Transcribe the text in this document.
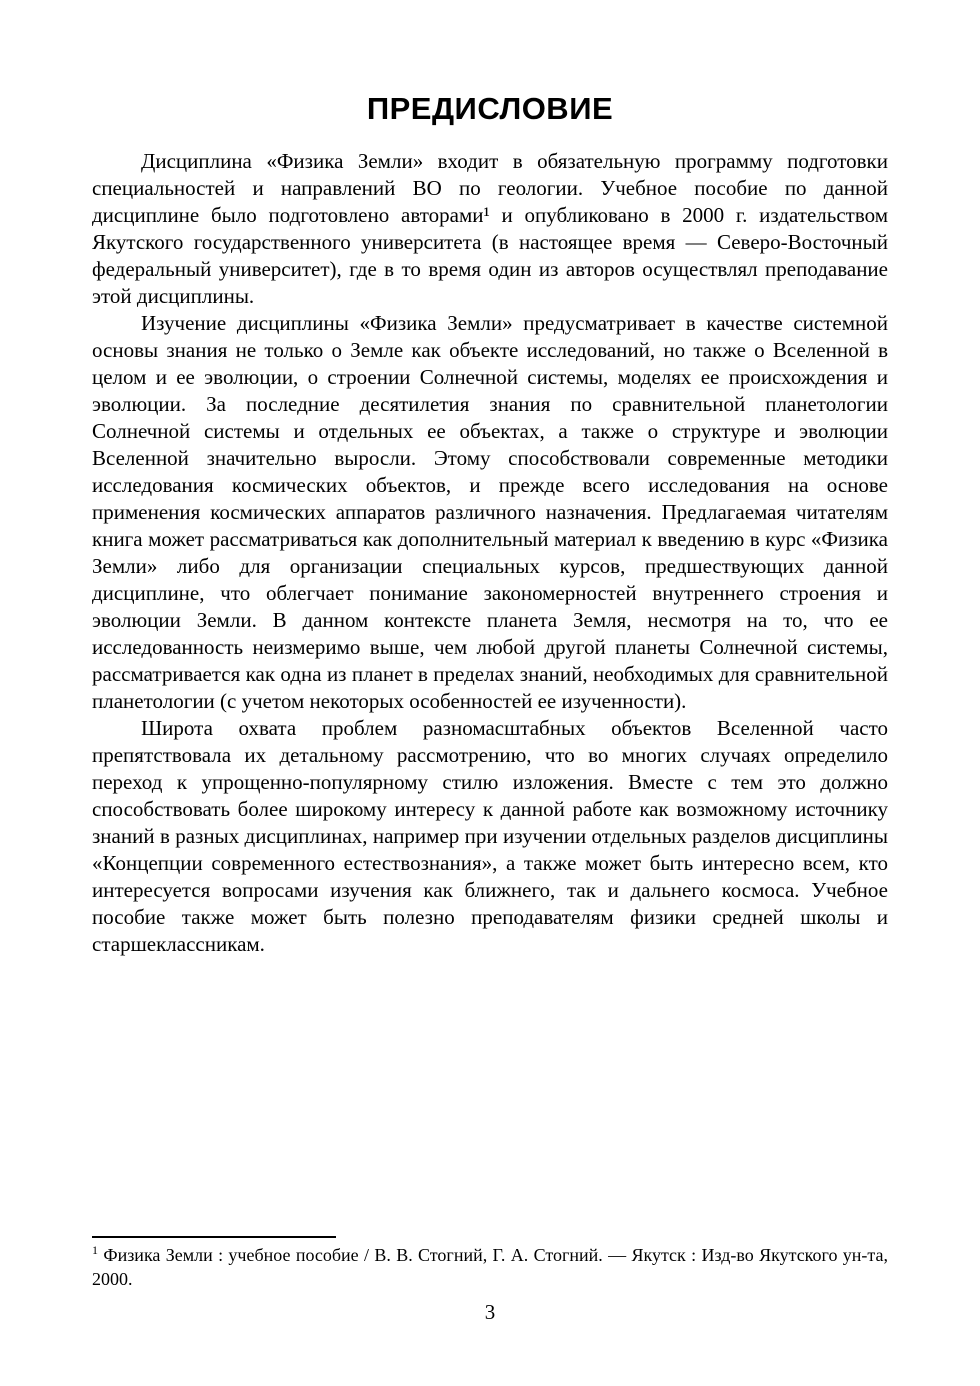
ПРЕДИСЛОВИЕ

Дисциплина «Физика Земли» входит в обязательную программу подготовки специальностей и направлений ВО по геологии. Учебное пособие по данной дисциплине было подготовлено авторами¹ и опубликовано в 2000 г. издательством Якутского государственного университета (в настоящее время — Северо-Восточный федеральный университет), где в то время один из авторов осуществлял преподавание этой дисциплины.

Изучение дисциплины «Физика Земли» предусматривает в качестве системной основы знания не только о Земле как объекте исследований, но также о Вселенной в целом и ее эволюции, о строении Солнечной системы, моделях ее происхождения и эволюции. За последние десятилетия знания по сравнительной планетологии Солнечной системы и отдельных ее объектах, а также о структуре и эволюции Вселенной значительно выросли. Этому способствовали современные методики исследования космических объектов, и прежде всего исследования на основе применения космических аппаратов различного назначения. Предлагаемая читателям книга может рассматриваться как дополнительный материал к введению в курс «Физика Земли» либо для организации специальных курсов, предшествующих данной дисциплине, что облегчает понимание закономерностей внутреннего строения и эволюции Земли. В данном контексте планета Земля, несмотря на то, что ее исследованность неизмеримо выше, чем любой другой планеты Солнечной системы, рассматривается как одна из планет в пределах знаний, необходимых для сравнительной планетологии (с учетом некоторых особенностей ее изученности).

Широта охвата проблем разномасштабных объектов Вселенной часто препятствовала их детальному рассмотрению, что во многих случаях определило переход к упрощенно-популярному стилю изложения. Вместе с тем это должно способствовать более широкому интересу к данной работе как возможному источнику знаний в разных дисциплинах, например при изучении отдельных разделов дисциплины «Концепции современного естествознания», а также может быть интересно всем, кто интересуется вопросами изучения как ближнего, так и дальнего космоса. Учебное пособие также может быть полезно преподавателям физики средней школы и старшеклассникам.

$^1$ Физика Земли : учебное пособие / В. В. Стогний, Г. А. Стогний. — Якутск : Изд-во Якутского ун-та, 2000.

3
